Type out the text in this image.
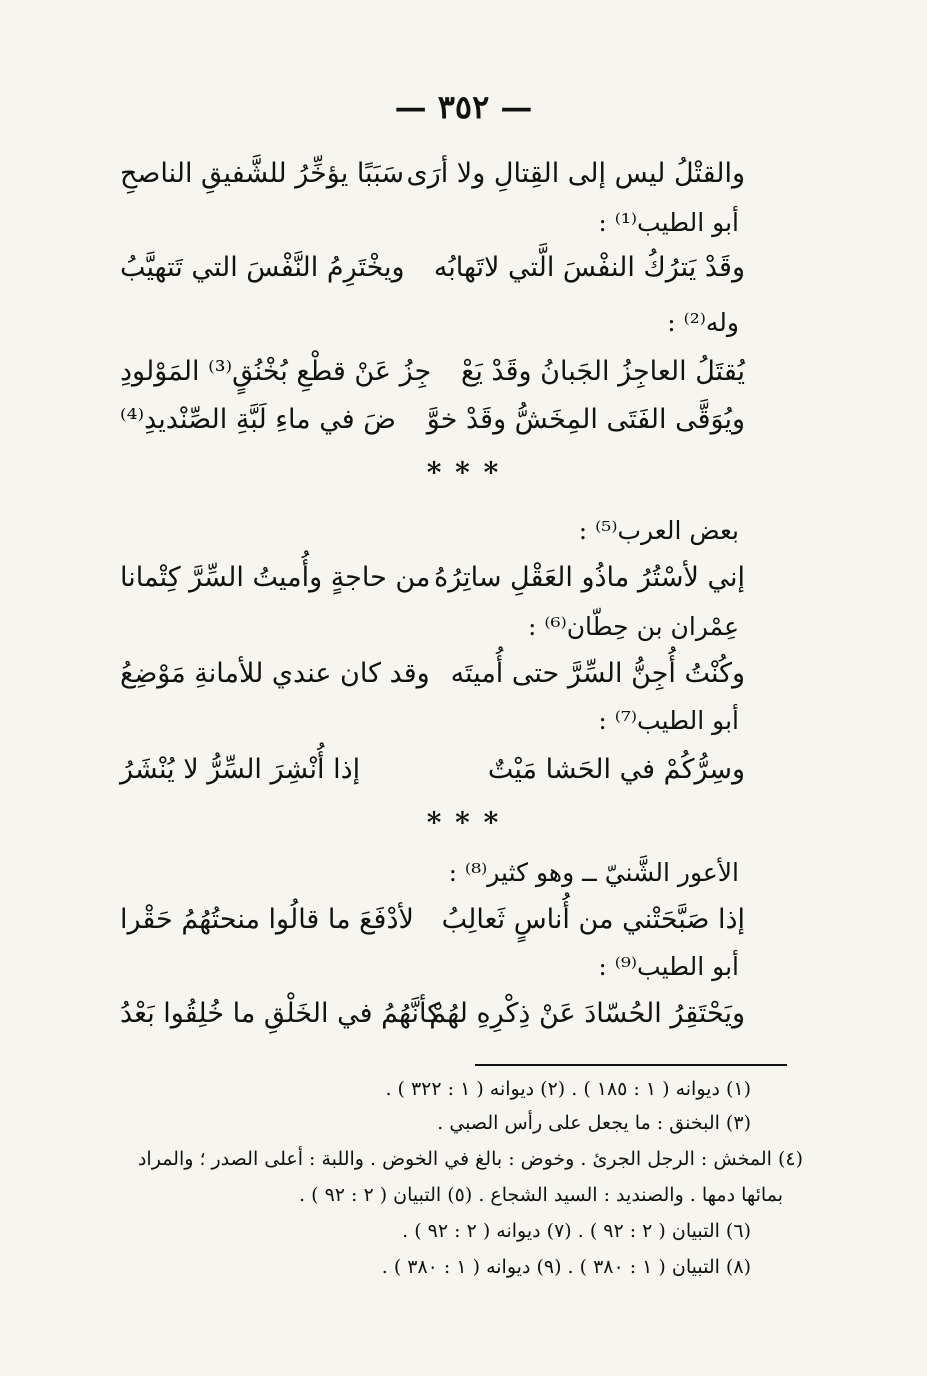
— ٣٥٢ —
والقتْلُ ليس إلى القِتالِ ولا أرَى
سَبَبًا يؤخِّرُ للشَّفيقِ الناصحِ
أبو الطيب⁽¹⁾ :
وقَدْ يَترُكُ النفْسَ الَّتي لاتَهابُه
ويخْتَرِمُ النَّفْسَ التي تَتهيَّبُ
وله⁽²⁾ :
يُقتَلُ العاجِزُ الجَبانُ وقَدْ يَعْ
جِزُ عَنْ قطْعِ بُخْنُقٍ⁽³⁾ المَوْلودِ
ويُوَقَّى الفَتَى المِخَشُّ وقَدْ خوَّ
ضَ في ماءِ لَبَّةِ الصِّنْديدِ⁽⁴⁾
* * *
بعض العرب⁽⁵⁾ :
إني لأسْتُرُ ماذُو العَقْلِ ساتِرُهُ
من حاجةٍ وأُميتُ السِّرَّ كِتْمانا
عِمْران بن حِطّان⁽⁶⁾ :
وكُنْتُ أُجِنُّ السِّرَّ حتى أُميتَه
وقد كان عندي للأمانةِ مَوْضِعُ
أبو الطيب⁽⁷⁾ :
وسِرُّكُمْ في الحَشا مَيْتٌ
إذا أُنْشِرَ السِّرُّ لا يُنْشَرُ
* * *
الأعور الشَّنيّ ــ وهو كثير⁽⁸⁾ :
إذا صَبَّحَتْني من أُناسٍ ثَعالِبُ
لأدْفَعَ ما قالُوا منحتُهُمُ حَقْرا
أبو الطيب⁽⁹⁾ :
ويَحْتَقِرُ الحُسّادَ عَنْ ذِكْرِهِ لهُمْ
كأنَّهُمُ في الخَلْقِ ما خُلِقُوا بَعْدُ
(١) ديوانه ( ١ : ١٨٥ ) . (٢) ديوانه ( ١ : ٣٢٢ ) .
(٣) البخنق : ما يجعل على رأس الصبي .
(٤) المخش : الرجل الجرئ . وخوض : بالغ في الخوض . واللبة : أعلى الصدر ؛ والمراد
بمائها دمها . والصنديد : السيد الشجاع . (٥) التبيان ( ٢ : ٩٢ ) .
(٦) التبيان ( ٢ : ٩٢ ) . (٧) ديوانه ( ٢ : ٩٢ ) .
(٨) التبيان ( ١ : ٣٨٠ ) . (٩) ديوانه ( ١ : ٣٨٠ ) .
